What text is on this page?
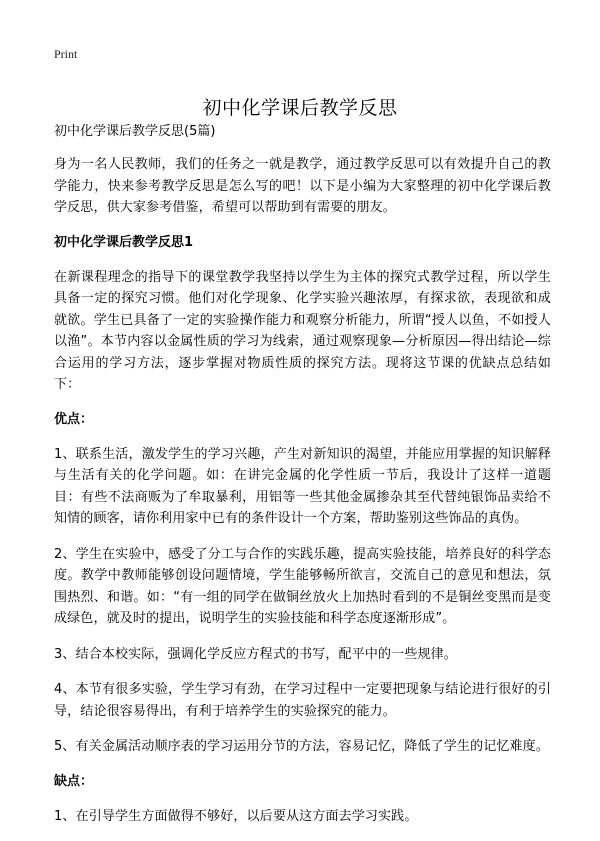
Print
初中化学课后教学反思
初中化学课后教学反思(5篇)

身为一名人民教师，我们的任务之一就是教学，通过教学反思可以有效提升自己的教学能力，快来参考教学反思是怎么写的吧！以下是小编为大家整理的初中化学课后教学反思，供大家参考借鉴，希望可以帮助到有需要的朋友。

初中化学课后教学反思1

在新课程理念的指导下的课堂教学我坚持以学生为主体的探究式教学过程，所以学生具备一定的探究习惯。他们对化学现象、化学实验兴趣浓厚，有探求欲，表现欲和成就欲。学生已具备了一定的实验操作能力和观察分析能力，所谓“授人以鱼，不如授人以渔”。本节内容以金属性质的学习为线索，通过观察现象—分析原因—得出结论—综合运用的学习方法，逐步掌握对物质性质的探究方法。现将这节课的优缺点总结如下：

优点：

1、联系生活，激发学生的学习兴趣，产生对新知识的渴望，并能应用掌握的知识解释与生活有关的化学问题。如：在讲完金属的化学性质一节后，我设计了这样一道题目：有些不法商贩为了牟取暴利，用铝等一些其他金属掺杂其至代替纯银饰品卖给不知情的顾客，请你利用家中已有的条件设计一个方案，帮助鉴别这些饰品的真伪。

2、学生在实验中，感受了分工与合作的实践乐趣，提高实验技能，培养良好的科学态度。教学中教师能够创设问题情境，学生能够畅所欲言，交流自己的意见和想法，氛围热烈、和谐。如：“有一组的同学在做铜丝放火上加热时看到的不是铜丝变黑而是变成绿色，就及时的提出，说明学生的实验技能和科学态度逐渐形成”。

3、结合本校实际，强调化学反应方程式的书写，配平中的一些规律。

4、本节有很多实验，学生学习有劲，在学习过程中一定要把现象与结论进行很好的引导，结论很容易得出，有利于培养学生的实验探究的能力。

5、有关金属活动顺序表的学习运用分节的方法，容易记忆，降低了学生的记忆难度。

缺点：

1、在引导学生方面做得不够好，以后要从这方面去学习实践。
